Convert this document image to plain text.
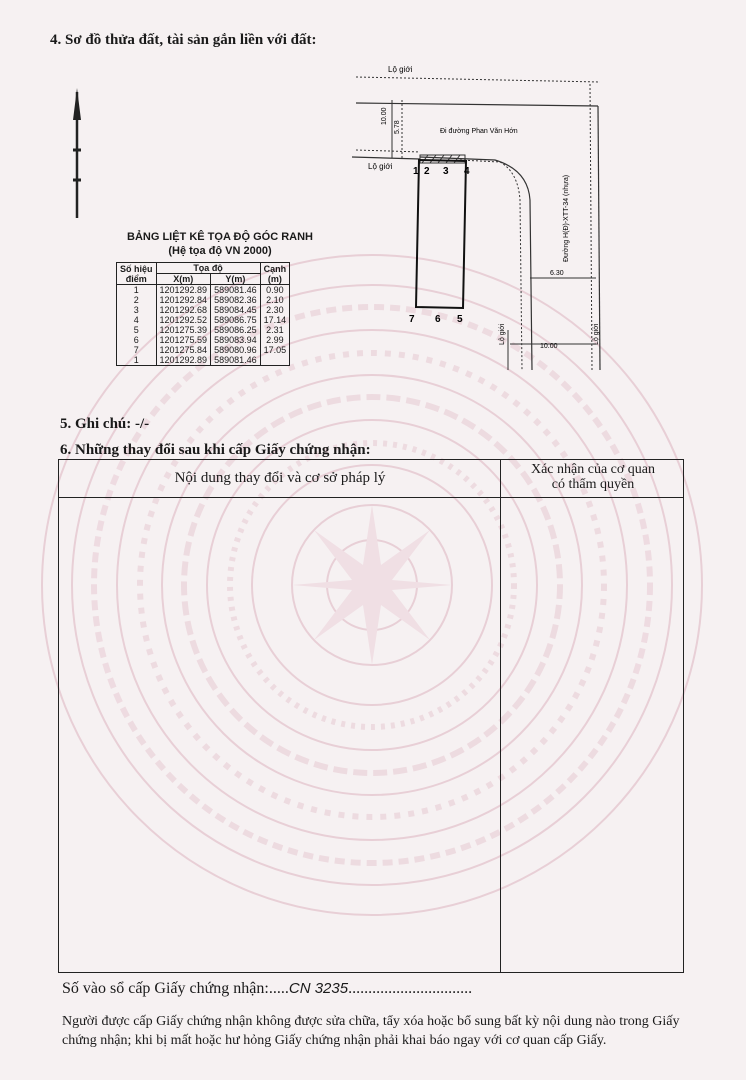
4. Sơ đồ thửa đất, tài sản gắn liền với đất:
Lộ giới
Lộ giới
Đi đường Phan Văn Hớn
10.00
5.78
Đường H(Đ)-XTT-34 (nhựa)
6.30
10.00
Lộ giới	Lộ giới
1 2 3 4
7 6 5
BẢNG LIỆT KÊ TỌA ĐỘ GÓC RANH
(Hệ tọa độ VN 2000)
Số hiệu
điểm	Tọa độ		Cạnh
(m)
	X(m)	Y(m)	
1	1201292.89	589081.46	0.90
2	1201292.84	589082.36	2.10
3	1201292.68	589084.45	2.30
4	1201292.52	589086.75	17.14
5	1201275.39	589086.25	2.31
6	1201275.59	589083.94	2.99
7	1201275.84	589080.96	17.05
1	1201292.89	589081.46	
5. Ghi chú: -/-
6. Những thay đổi sau khi cấp Giấy chứng nhận:
Nội dung thay đổi và cơ sở pháp lý
Xác nhận của cơ quan
có thẩm quyền
Số vào sổ cấp Giấy chứng nhận:.....CN 3235...............................
Người được cấp Giấy chứng nhận không được sửa chữa, tẩy xóa hoặc bổ sung bất kỳ nội dung nào trong Giấy chứng nhận; khi bị mất hoặc hư hỏng Giấy chứng nhận phải khai báo ngay với cơ quan cấp Giấy.
